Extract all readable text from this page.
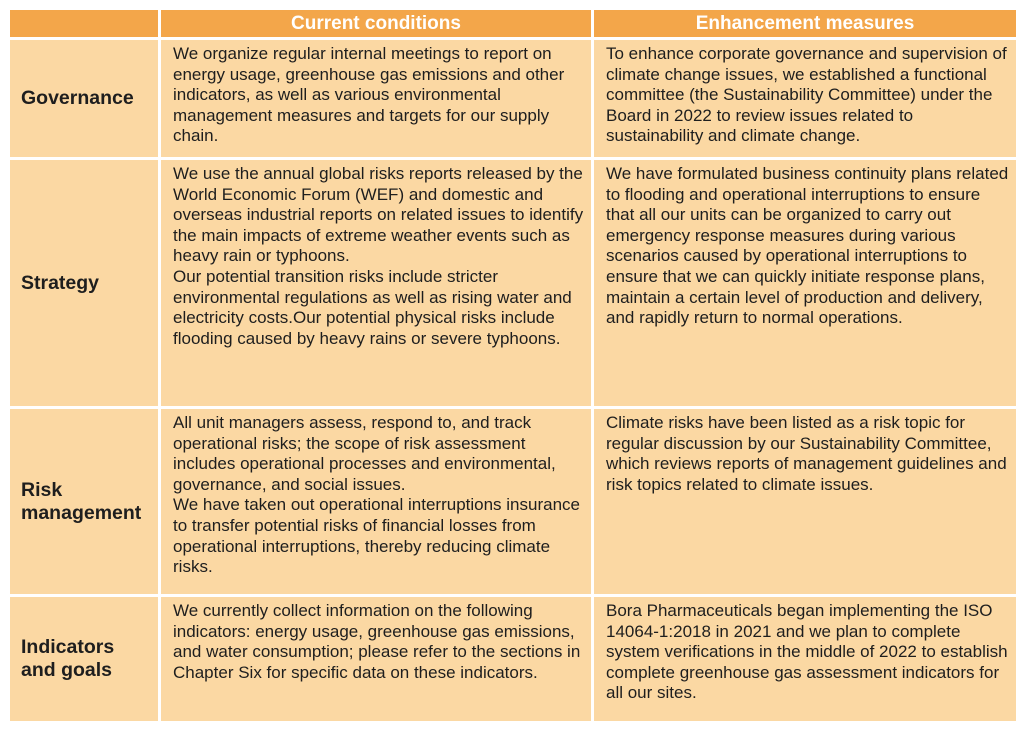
Current conditions	Enhancement measures
Governance

We organize regular internal meetings to report on energy usage, greenhouse gas emissions and other indicators, as well as various environmental management measures and targets for our supply chain.

To enhance corporate governance and supervision of climate change issues, we established a functional committee (the Sustainability Committee) under the Board in 2022 to review issues related to sustainability and climate change.

Strategy

We use the annual global risks reports released by the World Economic Forum (WEF) and domestic and overseas industrial reports on related issues to identify the main impacts of extreme weather events such as heavy rain or typhoons.

Our potential transition risks include stricter environmental regulations as well as rising water and electricity costs.Our potential physical risks include flooding caused by heavy rains or severe typhoons.

We have formulated business continuity plans related to flooding and operational interruptions to ensure that all our units can be organized to carry out emergency response measures during various scenarios caused by operational interruptions to ensure that we can quickly initiate response plans, maintain a certain level of production and delivery, and rapidly return to normal operations.

Risk
management

All unit managers assess, respond to, and track operational risks; the scope of risk assessment includes operational processes and environmental, governance, and social issues.

We have taken out operational interruptions insurance to transfer potential risks of financial losses from operational interruptions, thereby reducing climate risks.

Climate risks have been listed as a risk topic for regular discussion by our Sustainability Committee, which reviews reports of management guidelines and risk topics related to climate issues.

Indicators
and goals

We currently collect information on the following indicators: energy usage, greenhouse gas emissions, and water consumption; please refer to the sections in Chapter Six for specific data on these indicators.

Bora Pharmaceuticals began implementing the ISO 14064-1:2018 in 2021 and we plan to complete system verifications in the middle of 2022 to establish complete greenhouse gas assessment indicators for all our sites.
